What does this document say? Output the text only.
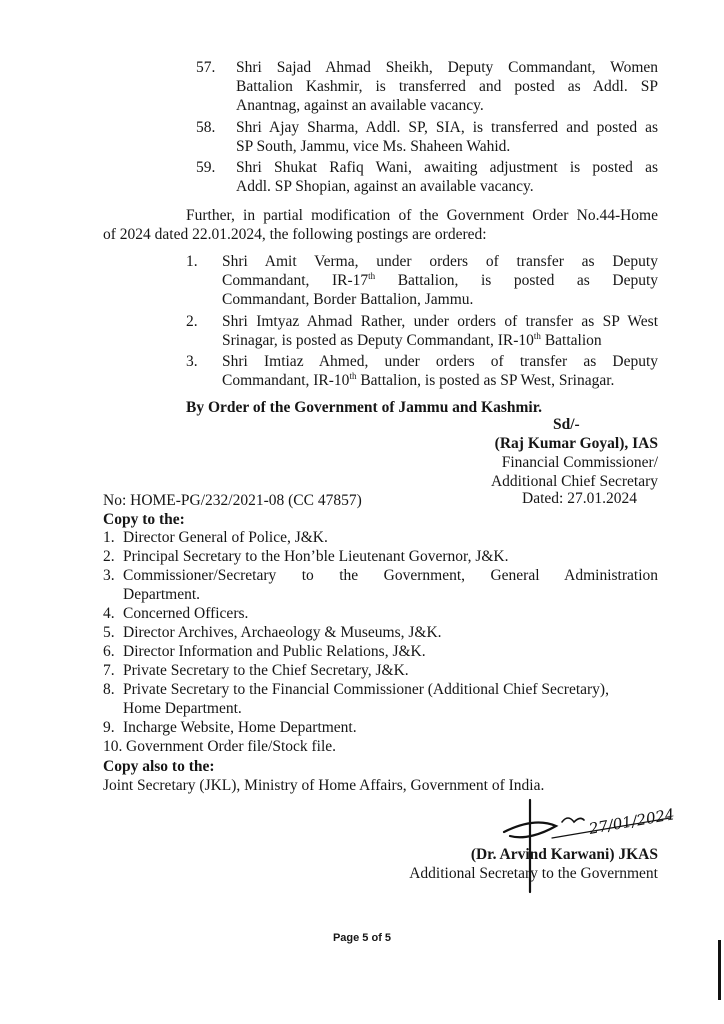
57.	Shri Sajad Ahmad Sheikh, Deputy Commandant, Women
Battalion Kashmir, is transferred and posted as Addl. SP
Anantnag, against an available vacancy.
58.	Shri Ajay Sharma, Addl. SP, SIA, is transferred and posted as
SP South, Jammu, vice Ms. Shaheen Wahid.
59.	Shri Shukat Rafiq Wani, awaiting adjustment is posted as
Addl. SP Shopian, against an available vacancy.
Further, in partial modification of the Government Order No.44-Home
of 2024 dated 22.01.2024, the following postings are ordered:
1.	Shri Amit Verma, under orders of transfer as Deputy
Commandant, IR-17th Battalion, is posted as Deputy
Commandant, Border Battalion, Jammu.
2.	Shri Imtyaz Ahmad Rather, under orders of transfer as SP West
Srinagar, is posted as Deputy Commandant, IR-10th Battalion
3.	Shri Imtiaz Ahmed, under orders of transfer as Deputy
Commandant, IR-10th Battalion, is posted as SP West, Srinagar.
By Order of the Government of Jammu and Kashmir.
Sd/-
(Raj Kumar Goyal), IAS
Financial Commissioner/
Additional Chief Secretary
No: HOME-PG/232/2021-08 (CC 47857)	Dated: 27.01.2024
Copy to the:
1. Director General of Police, J&K.
2. Principal Secretary to the Hon’ble Lieutenant Governor, J&K.
3. Commissioner/Secretary to the Government, General Administration
Department.
4. Concerned Officers.
5. Director Archives, Archaeology & Museums, J&K.
6. Director Information and Public Relations, J&K.
7. Private Secretary to the Chief Secretary, J&K.
8. Private Secretary to the Financial Commissioner (Additional Chief Secretary),
Home Department.
9. Incharge Website, Home Department.
10. Government Order file/Stock file.
Copy also to the:
Joint Secretary (JKL), Ministry of Home Affairs, Government of India.
27/01/2024
(Dr. Arvind Karwani) JKAS
Additional Secretary to the Government
Page 5 of 5
